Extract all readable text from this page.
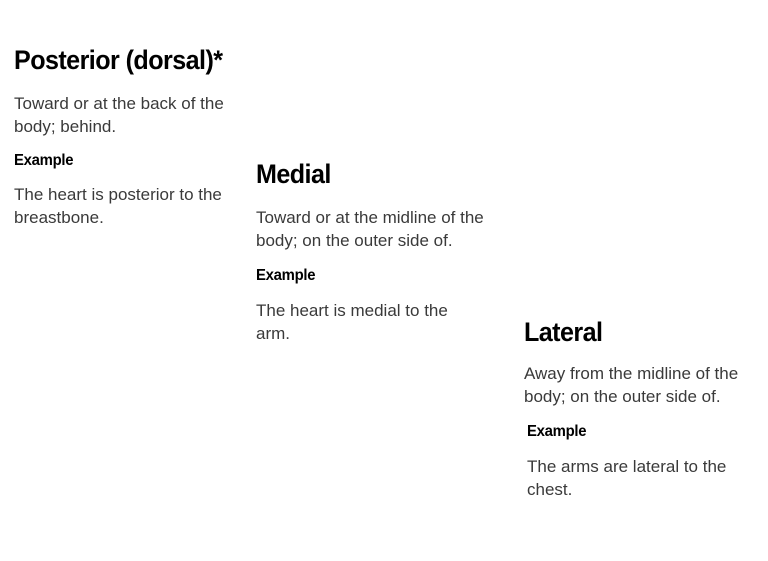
Posterior (dorsal)*

Toward or at the back of the body; behind.

Example

The heart is posterior to the breastbone.

Medial

Toward or at the midline of the body; on the outer side of.

Example

The heart is medial to the arm.	Lateral

Away from the midline of the body; on the outer side of.

Example

The arms are lateral to the chest.
